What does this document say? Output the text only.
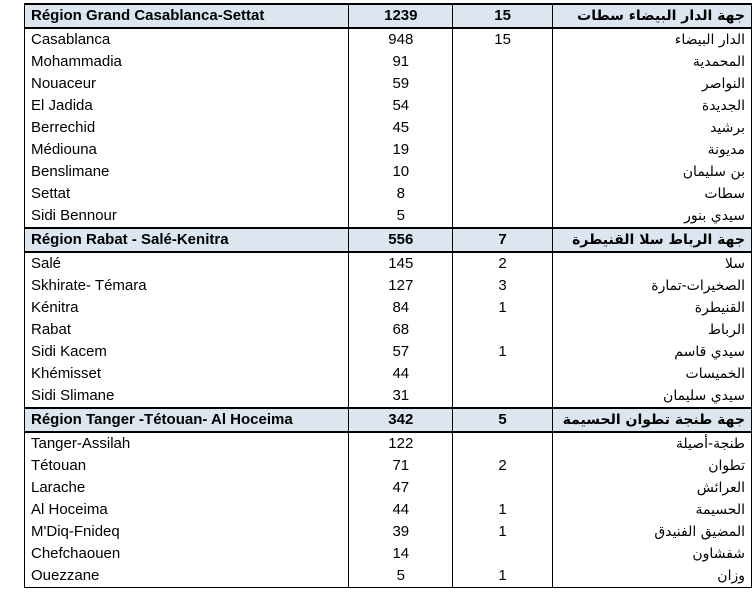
Région Grand Casablanca-Settat	1239	15	جهة الدار البيضاء سطات
Casablanca	948	15	الدار البيضاء
Mohammadia	91		المحمدية
Nouaceur	59		النواصر
El Jadida	54		الجديدة
Berrechid	45		برشيد
Médiouna	19		مديونة
Benslimane	10		بن سليمان
Settat	8		سطات
Sidi Bennour	5		سيدي بنور
Région Rabat - Salé-Kenitra	556	7	جهة الرباط سلا القنيطرة
Salé	145	2	سلا
Skhirate- Témara	127	3	الصخيرات-تمارة
Kénitra	84	1	القنيطرة
Rabat	68		الرباط
Sidi Kacem	57	1	سيدي قاسم
Khémisset	44		الخميسات
Sidi Slimane	31		سيدي سليمان
Région Tanger -Tétouan- Al Hoceima	342	5	جهة طنجة تطوان الحسيمة
Tanger-Assilah	122		طنجة-أصيلة
Tétouan	71	2	تطوان
Larache	47		العرائش
Al Hoceima	44	1	الحسيمة
M'Diq-Fnideq	39	1	المضيق الفنيدق
Chefchaouen	14		شفشاون
Ouezzane	5	1	وزان
